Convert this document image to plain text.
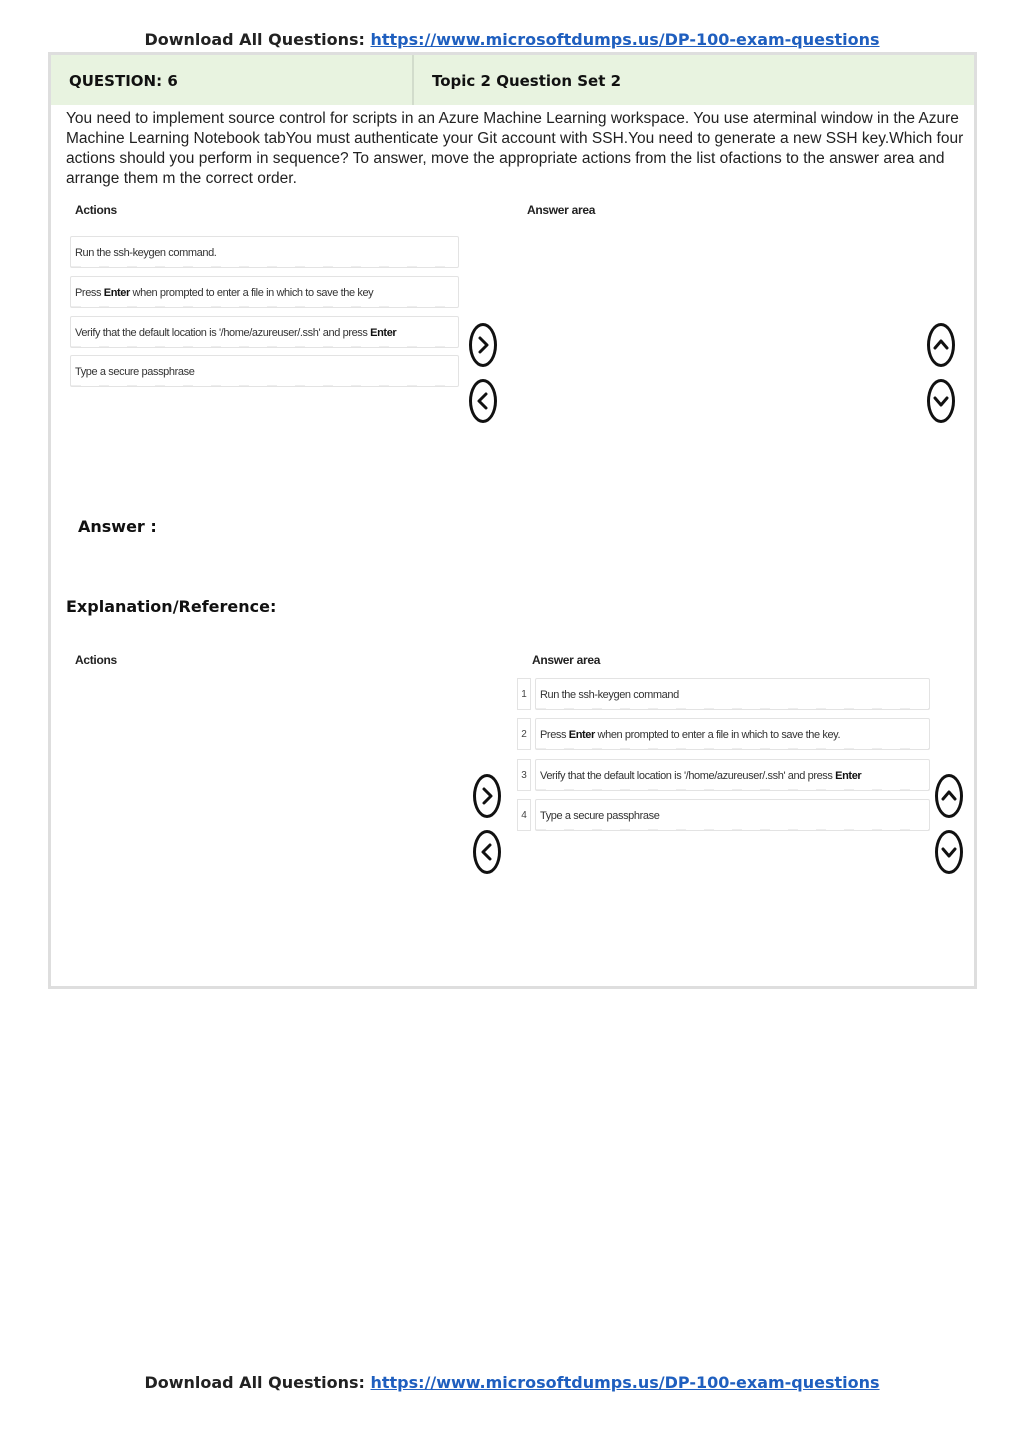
Download All Questions: https://www.microsoftdumps.us/DP-100-exam-questions
QUESTION: 6	Topic 2 Question Set 2
You need to implement source control for scripts in an Azure Machine Learning workspace. You use aterminal window in the Azure Machine Learning Notebook tabYou must authenticate your Git account with SSH.You need to generate a new SSH key.Which four actions should you perform in sequence? To answer, move the appropriate actions from the list ofactions to the answer area and arrange them m the correct order.
Actions	Answer area
Run the ssh-keygen command.
Press Enter when prompted to enter a file in which to save the key
Verify that the default location is '/home/azureuser/.ssh' and press Enter
Type a secure passphrase
Answer :
Explanation/Reference:
Actions	Answer area
1	Run the ssh-keygen command
2	Press Enter when prompted to enter a file in which to save the key.
3	Verify that the default location is '/home/azureuser/.ssh' and press Enter
4	Type a secure passphrase
Download All Questions: https://www.microsoftdumps.us/DP-100-exam-questions
